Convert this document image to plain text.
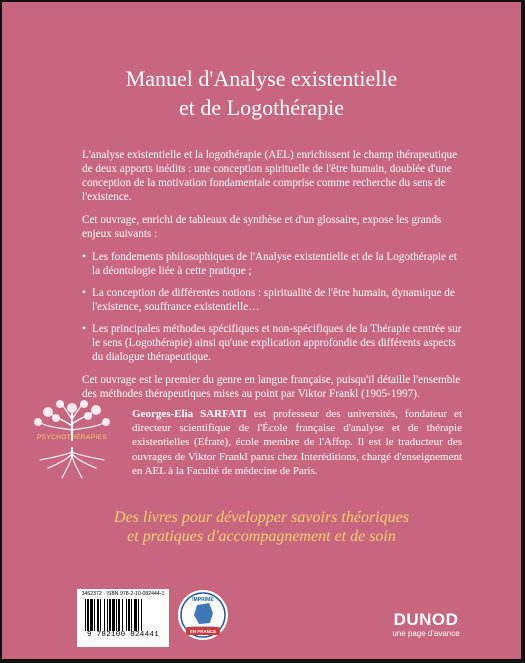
Manuel d'Analyse existentielle
et de Logothérapie

L'analyse existentielle et la logothérapie (AEL) enrichissent le champ thérapeutique de deux apports inédits : une conception spirituelle de l'être humain, doublée d'une conception de la motivation fondamentale comprise comme recherche du sens de l'existence.

Cet ouvrage, enrichi de tableaux de synthèse et d'un glossaire, expose les grands enjeux suivants :

• Les fondements philosophiques de l'Analyse existentielle et de la Logothérapie et la déontologie liée à cette pratique ;
• La conception de différentes notions : spiritualité de l'être humain, dynamique de l'existence, souffrance existentielle…
• Les principales méthodes spécifiques et non-spécifiques de la Thérapie centrée sur le sens (Logothérapie) ainsi qu'une explication approfondie des différents aspects du dialogue thérapeutique.

Cet ouvrage est le premier du genre en langue française, puisqu'il détaille l'ensemble des méthodes thérapeutiques mises au point par Viktor Frankl (1905-1997).

PSYCHOTHÉRAPIES
Georges-Elia SARFATI est professeur des universités, fondateur et directeur scientifique de l'École française d'analyse et de thérapie existentielles (Efrate), école membre de l'Affop. Il est le traducteur des ouvrages de Viktor Frankl parus chez Interéditions, chargé d'enseignement en AEL à la Faculté de médecine de Paris.
Des livres pour développer savoirs théoriques
et pratiques d'accompagnement et de soin
3462372 · ISBN 978-2-10-082444-1
9 782100 824441
IMPRIMÉ
EN FRANCE
DUNOD
une page d'avance
